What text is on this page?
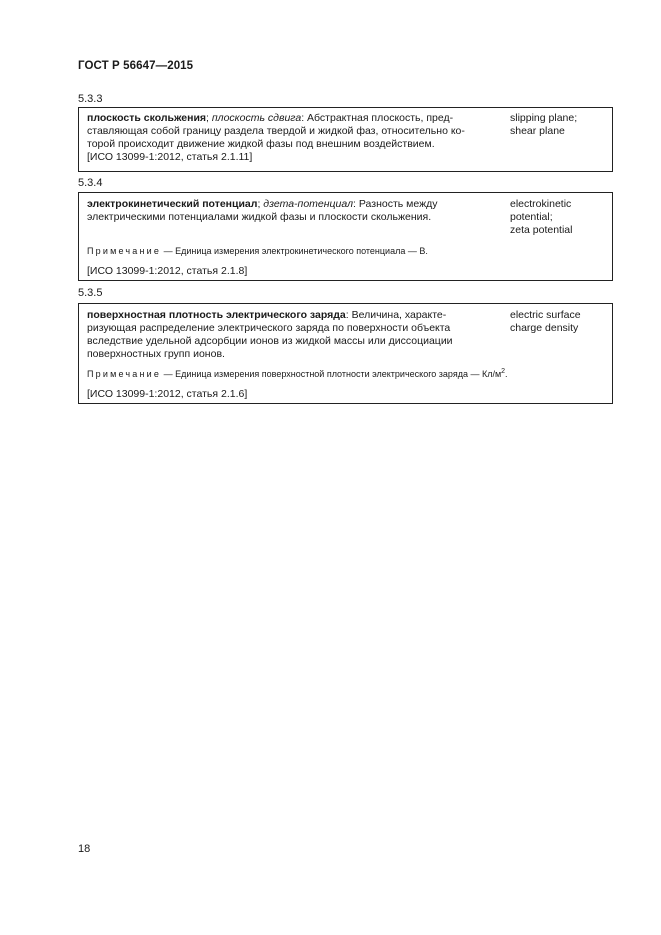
ГОСТ Р 56647—2015
5.3.3
плоскость скольжения; плоскость сдвига: Абстрактная плоскость, пред-
ставляющая собой границу раздела твердой и жидкой фаз, относительно ко-
торой происходит движение жидкой фазы под внешним воздействием.
[ИСО 13099-1:2012, статья 2.1.11]
slipping plane;
shear plane
5.3.4
электрокинетический потенциал; дзета-потенциал: Разность между
электрическими потенциалами жидкой фазы и плоскости скольжения.
electrokinetic
potential;
zeta potential
Примечание — Единица измерения электрокинетического потенциала — В.
[ИСО 13099-1:2012, статья 2.1.8]
5.3.5
поверхностная плотность электрического заряда: Величина, характе-
ризующая распределение электрического заряда по поверхности объекта
вследствие удельной адсорбции ионов из жидкой массы или диссоциации
поверхностных групп ионов.
electric surface
charge density
Примечание — Единица измерения поверхностной плотности электрического заряда — $Кл/м^2$.
[ИСО 13099-1:2012, статья 2.1.6]
18
